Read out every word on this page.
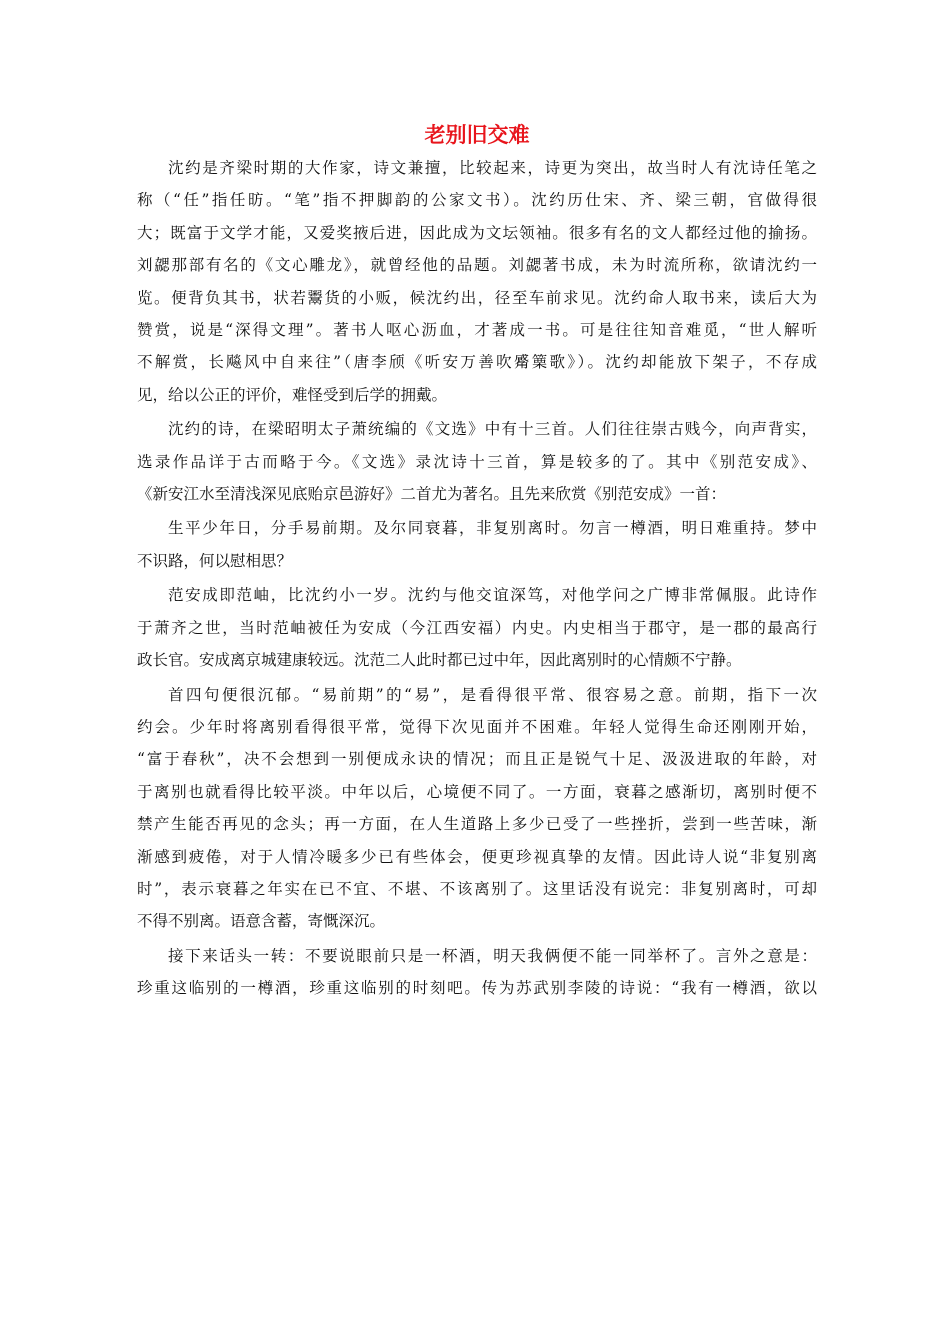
老别旧交难

沈约是齐梁时期的大作家，诗文兼擅，比较起来，诗更为突出，故当时人有沈诗任笔之
称（“任”指任昉。“笔”指不押脚韵的公家文书）。沈约历仕宋、齐、梁三朝，官做得很
大；既富于文学才能，又爱奖掖后进，因此成为文坛领袖。很多有名的文人都经过他的揄扬。
刘勰那部有名的《文心雕龙》，就曾经他的品题。刘勰著书成，未为时流所称，欲请沈约一
览。便背负其书，状若鬻货的小贩，候沈约出，径至车前求见。沈约命人取书来，读后大为
赞赏，说是“深得文理”。著书人呕心沥血，才著成一书。可是往往知音难觅，“世人解听
不解赏，长飚风中自来往”（唐李颀《听安万善吹觱篥歌》）。沈约却能放下架子，不存成
见，给以公正的评价，难怪受到后学的拥戴。

沈约的诗，在梁昭明太子萧统编的《文选》中有十三首。人们往往崇古贱今，向声背实，
选录作品详于古而略于今。《文选》录沈诗十三首，算是较多的了。其中《别范安成》、
《新安江水至清浅深见底贻京邑游好》二首尤为著名。且先来欣赏《别范安成》一首：

生平少年日，分手易前期。及尔同衰暮，非复别离时。勿言一樽酒，明日难重持。梦中
不识路，何以慰相思？

范安成即范岫，比沈约小一岁。沈约与他交谊深笃，对他学问之广博非常佩服。此诗作
于萧齐之世，当时范岫被任为安成（今江西安福）内史。内史相当于郡守，是一郡的最高行
政长官。安成离京城建康较远。沈范二人此时都已过中年，因此离别时的心情颇不宁静。

首四句便很沉郁。“易前期”的“易”，是看得很平常、很容易之意。前期，指下一次
约会。少年时将离别看得很平常，觉得下次见面并不困难。年轻人觉得生命还刚刚开始，
“富于春秋”，决不会想到一别便成永诀的情况；而且正是锐气十足、汲汲进取的年龄，对
于离别也就看得比较平淡。中年以后，心境便不同了。一方面，衰暮之感渐切，离别时便不
禁产生能否再见的念头；再一方面，在人生道路上多少已受了一些挫折，尝到一些苦味，渐
渐感到疲倦，对于人情冷暖多少已有些体会，便更珍视真挚的友情。因此诗人说“非复别离
时”，表示衰暮之年实在已不宜、不堪、不该离别了。这里话没有说完：非复别离时，可却
不得不别离。语意含蓄，寄慨深沉。

接下来话头一转：不要说眼前只是一杯酒，明天我俩便不能一同举杯了。言外之意是：
珍重这临别的一樽酒，珍重这临别的时刻吧。传为苏武别李陵的诗说：“我有一樽酒，欲以
